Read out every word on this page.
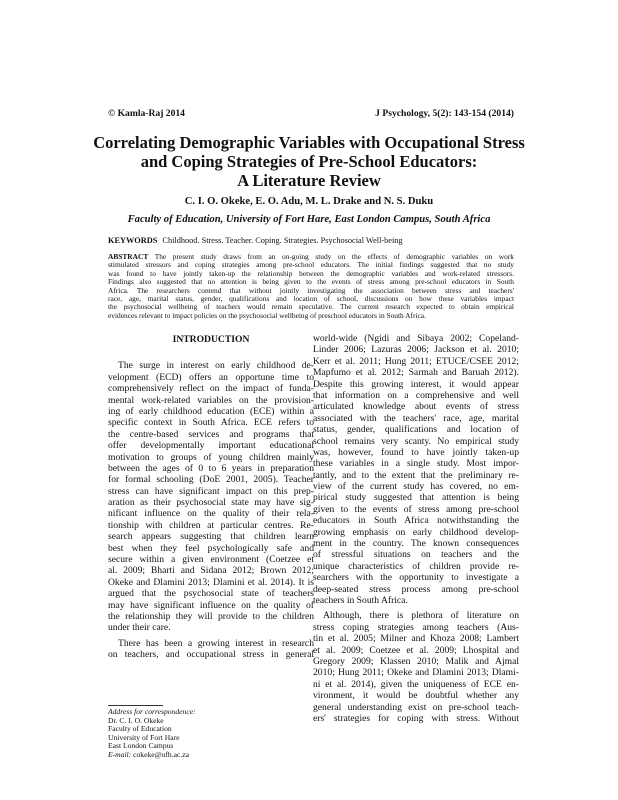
© Kamla-Raj 2014	J Psychology, 5(2): 143-154 (2014)
Correlating Demographic Variables with Occupational Stress
and Coping Strategies of Pre-School Educators:
A Literature Review
C. I. O. Okeke, E. O. Adu, M. L. Drake and N. S. Duku
Faculty of Education, University of Fort Hare, East London Campus, South Africa
KEYWORDS Childhood. Stress. Teacher. Coping. Strategies. Psychosocial Well-being
ABSTRACT The present study draws from an on-going study on the effects of demographic variables on work
stimulated stressors and coping strategies among pre-school educators. The initial findings suggested that no study
was found to have jointly taken-up the relationship between the demographic variables and work-related stressors.
Findings also suggested that no attention is being given to the events of stress among pre-school educators in South
Africa. The researchers contend that without jointly investigating the association between stress and teachers'
race, age, marital status, gender, qualifications and location of school, discussions on how these variables impact
the psychosocial wellbeing of teachers would remain speculative. The current research expected to obtain empirical
evidences relevant to impact policies on the psychosocial wellbeing of preschool educators in South Africa.
INTRODUCTION
The surge in interest on early childhood de-
velopment (ECD) offers an opportune time to
comprehensively reflect on the impact of funda-
mental work-related variables on the provision-
ing of early childhood education (ECE) within a
specific context in South Africa. ECE refers to
the centre-based services and programs that
offer developmentally important educational
motivation to groups of young children mainly
between the ages of 0 to 6 years in preparation
for formal schooling (DoE 2001, 2005). Teacher
stress can have significant impact on this prep-
aration as their psychosocial state may have sig-
nificant influence on the quality of their rela-
tionship with children at particular centres. Re-
search appears suggesting that children learn
best when they feel psychologically safe and
secure within a given environment (Coetzee et
al. 2009; Bharti and Sidana 2012; Brown 2012;
Okeke and Dlamini 2013; Dlamini et al. 2014). It is
argued that the psychosocial state of teachers
may have significant influence on the quality of
the relationship they will provide to the children
under their care.
There has been a growing interest in research
on teachers, and occupational stress in general
Address for correspondence:
Dr. C. I. O. Okeke
Faculty of Education
University of Fort Hare
East London Campus
E-mail: cokeke@ufh.ac.za
world-wide (Ngidi and Sibaya 2002; Copeland-
Linder 2006; Lazuras 2006; Jackson et al. 2010;
Kerr et al. 2011; Hung 2011; ETUCE/CSEE 2012;
Mapfumo et al. 2012; Sarmah and Baruah 2012).
Despite this growing interest, it would appear
that information on a comprehensive and well
articulated knowledge about events of stress
associated with the teachers' race, age, marital
status, gender, qualifications and location of
school remains very scanty. No empirical study
was, however, found to have jointly taken-up
these variables in a single study. Most impor-
tantly, and to the extent that the preliminary re-
view of the current study has covered, no em-
pirical study suggested that attention is being
given to the events of stress among pre-school
educators in South Africa notwithstanding the
growing emphasis on early childhood develop-
ment in the country. The known consequences
of stressful situations on teachers and the
unique characteristics of children provide re-
searchers with the opportunity to investigate a
deep-seated stress process among pre-school
teachers in South Africa.
Although, there is plethora of literature on
stress coping strategies among teachers (Aus-
tin et al. 2005; Milner and Khoza 2008; Lambert
et al. 2009; Coetzee et al. 2009; Lhospital and
Gregory 2009; Klassen 2010; Malik and Ajmal
2010; Hung 2011; Okeke and Dlamini 2013; Dlami-
ni et al. 2014), given the uniqueness of ECE en-
vironment, it would be doubtful whether any
general understanding exist on pre-school teach-
ers' strategies for coping with stress. Without
